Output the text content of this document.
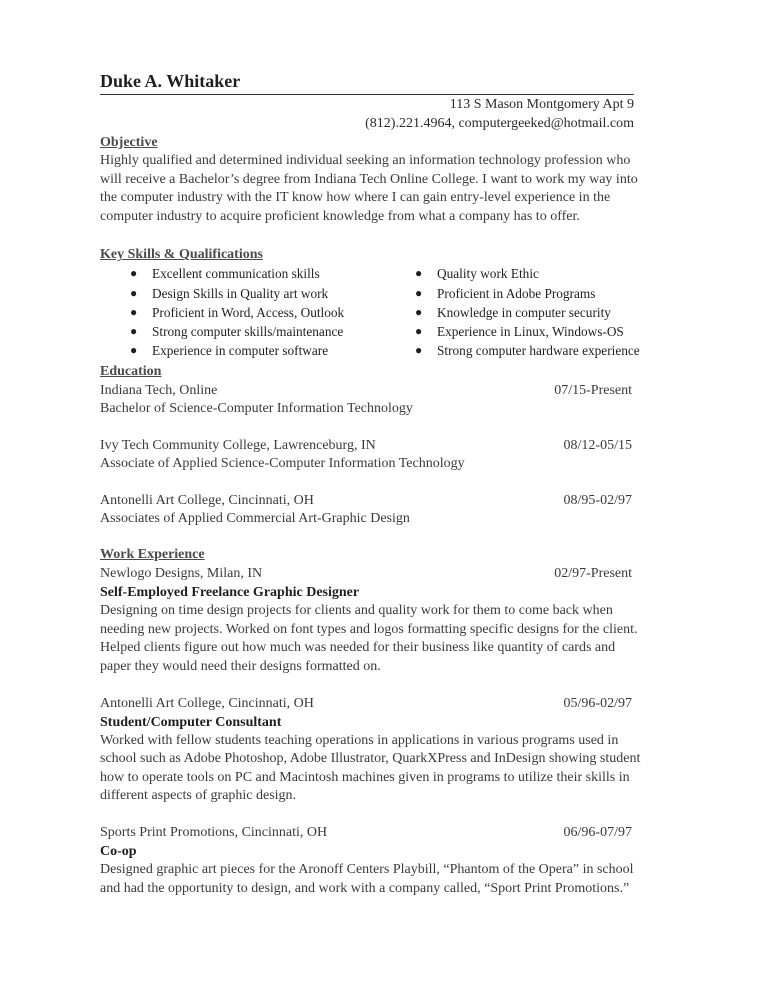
Duke A. Whitaker
113 S Mason Montgomery Apt 9
(812).221.4964, computergeeked@hotmail.com
Objective
Highly qualified and determined individual seeking an information technology profession who will receive a Bachelor’s degree from Indiana Tech Online College. I want to work my way into the computer industry with the IT know how where I can gain entry-level experience in the computer industry to acquire proficient knowledge from what a company has to offer.
Key Skills & Qualifications
● Excellent communication skills
● Design Skills in Quality art work
● Proficient in Word, Access, Outlook
● Strong computer skills/maintenance
● Experience in computer software
● Quality work Ethic
● Proficient in Adobe Programs
● Knowledge in computer security
● Experience in Linux, Windows-OS
● Strong computer hardware experience
Education
Indiana Tech, Online	07/15-Present
Bachelor of Science-Computer Information Technology
Ivy Tech Community College, Lawrenceburg, IN	08/12-05/15
Associate of Applied Science-Computer Information Technology
Antonelli Art College, Cincinnati, OH	08/95-02/97
Associates of Applied Commercial Art-Graphic Design
Work Experience
Newlogo Designs, Milan, IN	02/97-Present
Self-Employed Freelance Graphic Designer
Designing on time design projects for clients and quality work for them to come back when needing new projects. Worked on font types and logos formatting specific designs for the client. Helped clients figure out how much was needed for their business like quantity of cards and paper they would need their designs formatted on.
Antonelli Art College, Cincinnati, OH	05/96-02/97
Student/Computer Consultant
Worked with fellow students teaching operations in applications in various programs used in school such as Adobe Photoshop, Adobe Illustrator, QuarkXPress and InDesign showing student how to operate tools on PC and Macintosh machines given in programs to utilize their skills in different aspects of graphic design.
Sports Print Promotions, Cincinnati, OH	06/96-07/97
Co-op
Designed graphic art pieces for the Aronoff Centers Playbill, “Phantom of the Opera” in school and had the opportunity to design, and work with a company called, “Sport Print Promotions.”
